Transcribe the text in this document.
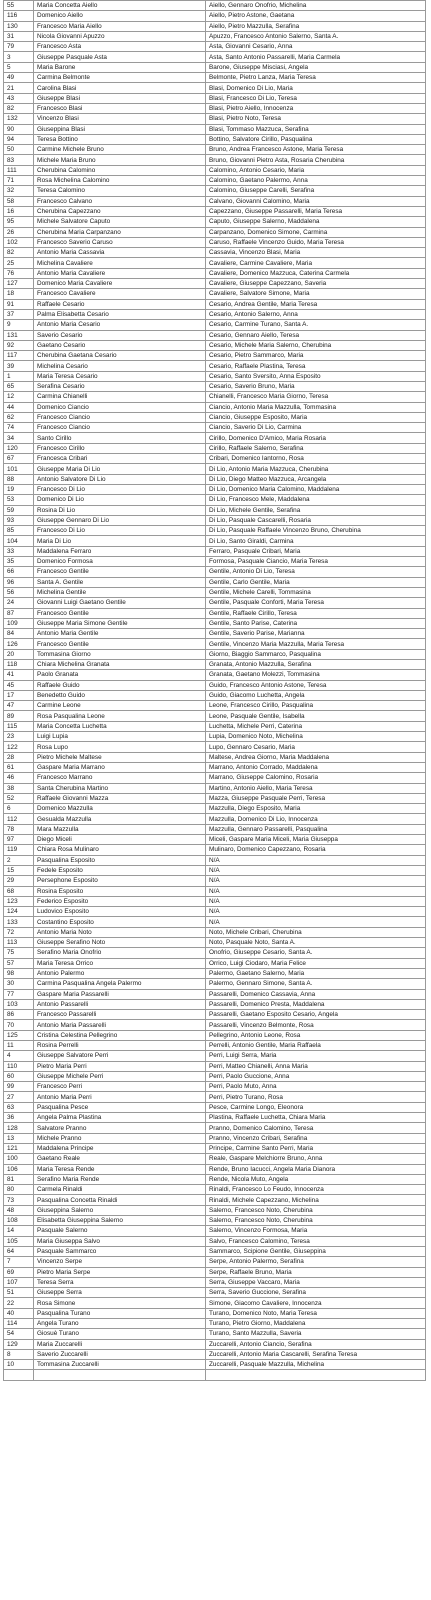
55	Maria Concetta Aiello	Aiello, Gennaro Onofrio, Michelina
116	Domenico Aiello	Aiello, Pietro Astone, Gaetana
130	Francesco Maria Aiello	Aiello, Pietro Mazzulla, Serafina
31	Nicola Giovanni Apuzzo	Apuzzo, Francesco Antonio Salerno, Santa A.
79	Francesco Asta	Asta, Giovanni Cesario, Anna
3	Giuseppe Pasquale Asta	Asta, Santo Antonio Passarelli, Maria Carmela
5	Maria Barone	Barone, Giuseppe Misciasi, Angela
49	Carmina Belmonte	Belmonte, Pietro Lanza, Maria Teresa
21	Carolina Blasi	Blasi, Domenico Di Lio, Maria
43	Giuseppe Blasi	Blasi, Francesco Di Lio, Teresa
82	Francesco Blasi	Blasi, Pietro Aiello, Innocenza
132	Vincenzo Blasi	Blasi, Pietro Noto, Teresa
90	Giuseppina Blasi	Blasi, Tommaso Mazzuca, Serafina
94	Teresa Bottino	Bottino, Salvatore Cirillo, Pasqualina
50	Carmine Michele Bruno	Bruno, Andrea Francesco Astone, Maria Teresa
83	Michele Maria Bruno	Bruno, Giovanni Pietro Asta, Rosaria Cherubina
111	Cherubina Calomino	Calomino, Antonio Cesario, Maria
71	Rosa Michelina Calomino	Calomino, Gaetano Palermo, Anna
32	Teresa Calomino	Calomino, Giuseppe Carelli, Serafina
58	Francesco Calvano	Calvano, Giovanni Calomino, Maria
16	Cherubina Capezzano	Capezzano, Giuseppe Passarelli, Maria Teresa
95	Michele Salvatore Caputo	Caputo, Giuseppe Salerno, Maddalena
26	Cherubina Maria Carpanzano	Carpanzano, Domenico Simone, Carmina
102	Francesco Saverio Caruso	Caruso, Raffaele Vincenzo Guido, Maria Teresa
82	Antonio Maria Cassavia	Cassavia, Vincenzo Blasi, Maria
25	Michelina Cavaliere	Cavaliere, Carmine Cavaliere, Maria
76	Antonio Maria Cavaliere	Cavaliere, Domenico Mazzuca, Caterina Carmela
127	Domenico Maria Cavaliere	Cavaliere, Giuseppe Capezzano, Saveria
18	Francesco Cavaliere	Cavaliere, Salvatore Simone, Maria
91	Raffaele Cesario	Cesario, Andrea Gentile, Maria Teresa
37	Palma Elisabetta Cesario	Cesario, Antonio Salerno, Anna
9	Antonio Maria Cesario	Cesario, Carmine Turano, Santa A.
131	Saverio Cesario	Cesario, Gennaro Aiello, Teresa
92	Gaetano Cesario	Cesario, Michele Maria Salerno, Cherubina
117	Cherubina Gaetana Cesario	Cesario, Pietro Sammarco, Maria
39	Michelina Cesario	Cesario, Raffaele Plastina, Teresa
1	Maria Teresa Cesario	Cesario, Santo Sversito, Anna Esposito
65	Serafina Cesario	Cesario, Saverio Bruno, Maria
12	Carmina Chianelli	Chianelli, Francesco Maria Giorno, Teresa
44	Domenico Ciancio	Ciancio, Antonio Maria Mazzulla, Tommasina
62	Francesco Ciancio	Ciancio, Giuseppe Esposito, Maria
74	Francesco Ciancio	Ciancio, Saverio Di Lio, Carmina
34	Santo Cirillo	Cirillo, Domenico D'Amico, Maria Rosaria
120	Francesco Cirillo	Cirillo, Raffaele Salerno, Serafina
67	Francesca Cribari	Cribari, Domenico Iantorno, Rosa
101	Giuseppe Maria Di Lio	Di Lio, Antonio Maria Mazzuca, Cherubina
88	Antonio Salvatore Di Lio	Di Lio, Diego Matteo Mazzuca, Arcangela
19	Francesco Di Lio	Di Lio, Domenico Maria Calomino, Maddalena
53	Domenico Di Lio	Di Lio, Francesco Mele, Maddalena
59	Rosina Di Lio	Di Lio, Michele Gentile, Serafina
93	Giuseppe Gennaro Di Lio	Di Lio, Pasquale Cascarelli, Rosaria
85	Francesco Di Lio	Di Lio, Pasquale Raffaele Vincenzo Bruno, Cherubina
104	Maria Di Lio	Di Lio, Santo Giraldi, Carmina
33	Maddalena Ferraro	Ferraro, Pasquale Cribari, Maria
35	Domenico Formosa	Formosa, Pasquale Ciancio, Maria Teresa
66	Francesco Gentile	Gentile, Antonio Di Lio, Teresa
96	Santa A. Gentile	Gentile, Carlo Gentile, Maria
56	Michelina Gentile	Gentile, Michele Carelli, Tommasina
24	Giovanni Luigi Gaetano Gentile	Gentile, Pasquale Conforti, Maria Teresa
87	Francesco Gentile	Gentile, Raffaele Cirillo, Teresa
109	Giuseppe Maria Simone Gentile	Gentile, Santo Parise, Caterina
84	Antonio Maria Gentile	Gentile, Saverio Parise, Marianna
126	Francesco Gentile	Gentile, Vincenzo Maria Mazzulla, Maria Teresa
20	Tommasina Giorno	Giorno, Biaggio Sammarco, Pasqualina
118	Chiara Michelina Granata	Granata, Antonio Mazzulla, Serafina
41	Paolo Granata	Granata, Gaetano Molezzi, Tommasina
45	Raffaele Guido	Guido, Francesco Antonio Astone, Teresa
17	Benedetto Guido	Guido, Giacomo Luchetta, Angela
47	Carmine Leone	Leone, Francesco Cirillo, Pasqualina
89	Rosa Pasqualina Leone	Leone, Pasquale Gentile, Isabella
115	Maria Concetta Luchetta	Luchetta, Michele Perri, Caterina
23	Luigi Lupia	Lupia, Domenico Noto, Michelina
122	Rosa Lupo	Lupo, Gennaro Cesario, Maria
28	Pietro Michele Maltese	Maltese, Andrea Giorno, Maria Maddalena
61	Gaspare Maria Marrano	Marrano, Antonio Corrado, Maddalena
46	Francesco Marrano	Marrano, Giuseppe Calomino, Rosaria
38	Santa Cherubina Martino	Martino, Antonio Aiello, Maria Teresa
52	Raffaele Giovanni Mazza	Mazza, Giuseppe Pasquale Perri, Teresa
6	Domenico Mazzulla	Mazzulla, Diego Esposito, Maria
112	Gesualda Mazzulla	Mazzulla, Domenico Di Lio, Innocenza
78	Mara Mazzulla	Mazzulla, Gennaro Passarelli, Pasqualina
97	Diego Miceli	Miceli, Gaspare Maria Miceli, Maria Giuseppa
119	Chiara Rosa Mulinaro	Mulinaro, Domenico Capezzano, Rosaria
2	Pasqualina Esposito	N/A
15	Fedele Esposito	N/A
29	Persephone Esposito	N/A
68	Rosina Esposito	N/A
123	Federico Esposito	N/A
124	Ludovico Esposito	N/A
133	Costantino Esposito	N/A
72	Antonio Maria Noto	Noto, Michele Cribari, Cherubina
113	Giuseppe Serafino Noto	Noto, Pasquale Noto, Santa A.
75	Serafino Maria Onofrio	Onofrio, Giuseppe Cesario, Santa A.
57	Maria Teresa Orrico	Orrico, Luigi Ciodaro, Maria Felice
98	Antonio Palermo	Palermo, Gaetano Salerno, Maria
30	Carmina Pasqualina Angela Palermo	Palermo, Gennaro Simone, Santa A.
77	Gaspare Maria Passarelli	Passarelli, Domenico Cassavia, Anna
103	Antonio Passarelli	Passarelli, Domenico Presta, Maddalena
86	Francesco Passarelli	Passarelli, Gaetano Esposito Cesario, Angela
70	Antonio Maria Passarelli	Passarelli, Vincenzo Belmonte, Rosa
125	Cristina Celestina Pellegrino	Pellegrino, Antonio Leone, Rosa
11	Rosina Perrelli	Perrelli, Antonio Gentile, Maria Raffaela
4	Giuseppe Salvatore Perri	Perri, Luigi Serra, Maria
110	Pietro Maria Perri	Perri, Matteo Chianelli, Anna Maria
60	Giuseppe Michele Perri	Perri, Paolo Guccione, Anna
99	Francesco Perri	Perri, Paolo Muto, Anna
27	Antonio Maria Perri	Perri, Pietro Turano, Rosa
63	Pasqualina Pesce	Pesce, Carmine Longo, Eleonora
36	Angela Palma Plastina	Plastina, Raffaele Luchetta, Chiara Maria
128	Salvatore Pranno	Pranno, Domenico Calomino, Teresa
13	Michele Pranno	Pranno, Vincenzo Cribari, Serafina
121	Maddalena Principe	Principe, Carmine Santo Perri, Maria
100	Gaetano Reale	Reale, Gaspare Melchiorre Bruno, Anna
106	Maria Teresa Rende	Rende, Bruno Iacucci, Angela Maria Dianora
81	Serafino Maria Rende	Rende, Nicola Muto, Angela
80	Carmela Rinaldi	Rinaldi, Francesco Lo Feudo, Innocenza
73	Pasqualina Concetta Rinaldi	Rinaldi, Michele Capezzano, Michelina
48	Giuseppina Salerno	Salerno, Francesco Noto, Cherubina
108	Elisabetta Giuseppina Salerno	Salerno, Francesco Noto, Cherubina
14	Pasquale Salerno	Salerno, Vincenzo Formosa, Maria
105	Maria Giuseppa Salvo	Salvo, Francesco Calomino, Teresa
64	Pasquale Sammarco	Sammarco, Scipione Gentile, Giuseppina
7	Vincenzo Serpe	Serpe, Antonio Palermo, Serafina
69	Pietro Maria Serpe	Serpe, Raffaele Bruno, Maria
107	Teresa Serra	Serra, Giuseppe Vaccaro, Maria
51	Giuseppe Serra	Serra, Saverio Guccione, Serafina
22	Rosa Simone	Simone, Giacomo Cavaliere, Innocenza
40	Pasqualina Turano	Turano, Domenico Noto, Maria Teresa
114	Angela Turano	Turano, Pietro Giorno, Maddalena
54	Giosuè Turano	Turano, Santo Mazzulla, Saveria
129	Maria Zuccarelli	Zuccarelli, Antonio Ciancio, Serafina
8	Saverio Zuccarelli	Zuccarelli, Antonio Maria Cascarelli, Serafina Teresa
10	Tommasina Zuccarelli	Zuccarelli, Pasquale Mazzulla, Michelina
